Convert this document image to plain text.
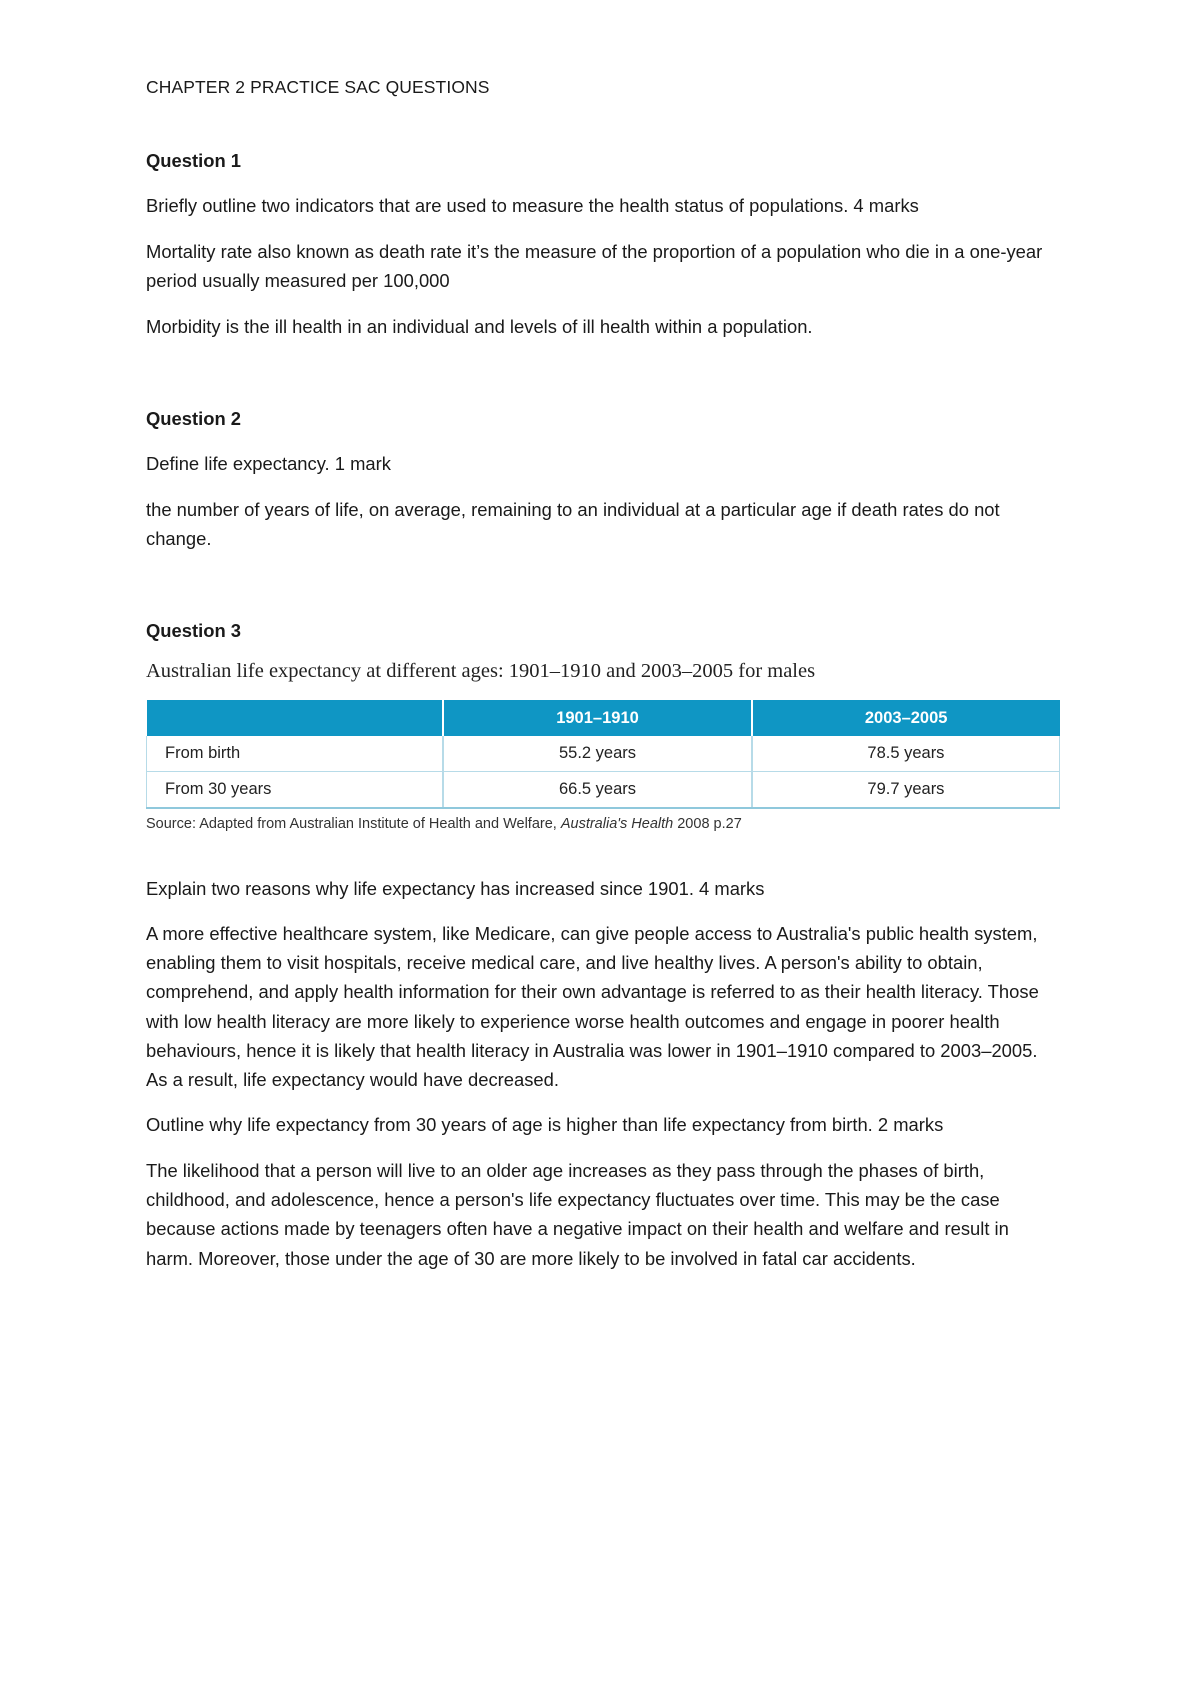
CHAPTER 2 PRACTICE SAC QUESTIONS
Question 1
Briefly outline two indicators that are used to measure the health status of populations. 4 marks
Mortality rate also known as death rate it’s the measure of the proportion of a population who die in a one-year period usually measured per 100,000
Morbidity is the ill health in an individual and levels of ill health within a population.
Question 2
Define life expectancy. 1 mark
the number of years of life, on average, remaining to an individual at a particular age if death rates do not change.
Question 3
Australian life expectancy at different ages: 1901–1910 and 2003–2005 for males
	1901–1910	2003–2005
From birth	55.2 years	78.5 years
From 30 years	66.5 years	79.7 years
Source: Adapted from Australian Institute of Health and Welfare, Australia's Health 2008 p.27
Explain two reasons why life expectancy has increased since 1901. 4 marks
A more effective healthcare system, like Medicare, can give people access to Australia's public health system, enabling them to visit hospitals, receive medical care, and live healthy lives. A person's ability to obtain, comprehend, and apply health information for their own advantage is referred to as their health literacy. Those with low health literacy are more likely to experience worse health outcomes and engage in poorer health behaviours, hence it is likely that health literacy in Australia was lower in 1901–1910 compared to 2003–2005. As a result, life expectancy would have decreased.
Outline why life expectancy from 30 years of age is higher than life expectancy from birth. 2 marks
The likelihood that a person will live to an older age increases as they pass through the phases of birth, childhood, and adolescence, hence a person's life expectancy fluctuates over time. This may be the case because actions made by teenagers often have a negative impact on their health and welfare and result in harm. Moreover, those under the age of 30 are more likely to be involved in fatal car accidents.
